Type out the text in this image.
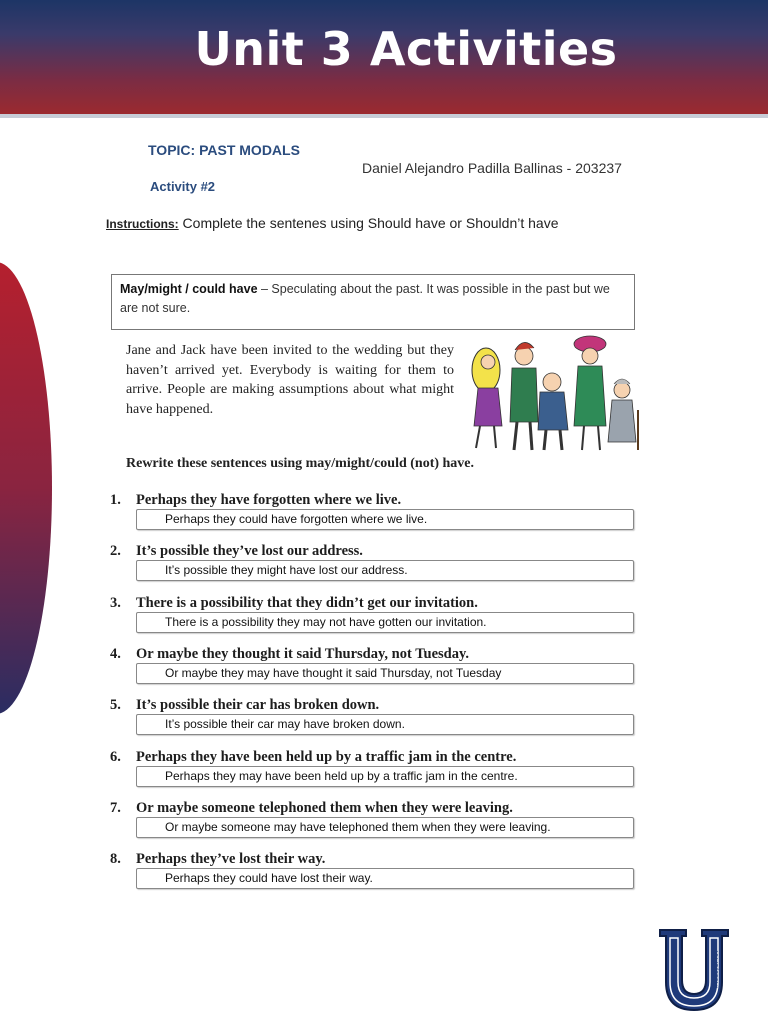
Unit 3 Activities
TOPIC: PAST MODALS
Activity #2
Daniel Alejandro Padilla Ballinas - 203237
Instructions: Complete the sentenes using Should have or Shouldn’t have
May/might / could have – Speculating about the past. It was possible in the past but we are not sure.
Jane and Jack have been invited to the wedding but they haven’t arrived yet. Everybody is waiting for them to arrive. People are making assumptions about what might have happened.
Rewrite these sentences using may/might/could (not) have.
1. Perhaps they have forgotten where we live.
Perhaps they could have forgotten where we live.
2. It’s possible they’ve lost our address.
It’s possible they might have lost our address.
3. There is a possibility that they didn’t get our invitation.
There is a possibility they may not have gotten our invitation.
4. Or maybe they thought it said Thursday, not Tuesday.
Or maybe they may have thought it said Thursday, not Tuesday
5. It’s possible their car has broken down.
It’s possible their car may have broken down.
6. Perhaps they have been held up by a traffic jam in the centre.
Perhaps they may have been held up by a traffic jam in the centre.
7. Or maybe someone telephoned them when they were leaving.
Or maybe someone may have telephoned them when they were leaving.
8. Perhaps they’ve lost their way.
Perhaps they could have lost their way.
#YoSoyUPRA
